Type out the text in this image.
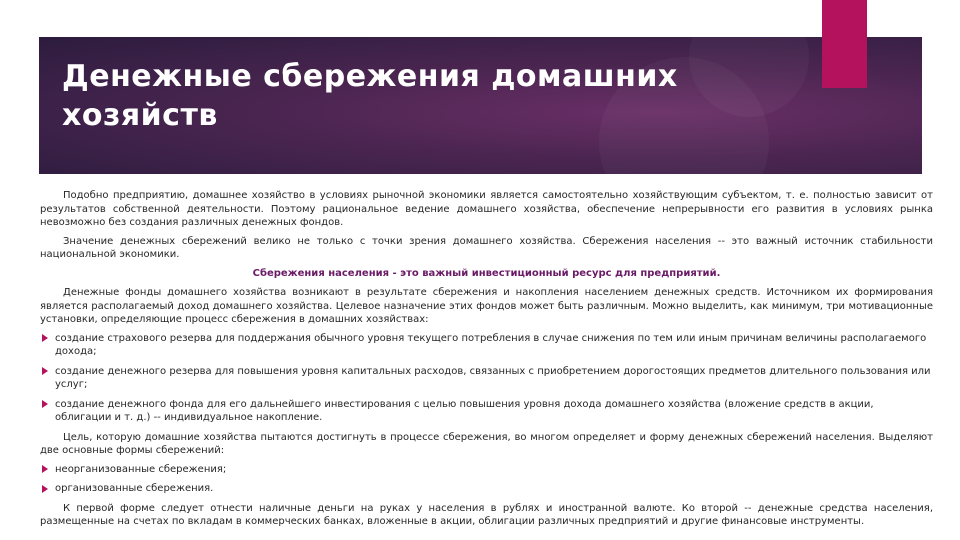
Денежные сбережения домашних хозяйств

Подобно предприятию, домашнее хозяйство в условиях рыночной экономики является самостоятельно хозяйствующим субъектом, т. е. полностью зависит от результатов собственной деятельности. Поэтому рациональное ведение домашнего хозяйства, обеспечение непрерывности его развития в условиях рынка невозможно без создания различных денежных фондов.

Значение денежных сбережений велико не только с точки зрения домашнего хозяйства. Сбережения населения -- это важный источник стабильности национальной экономики.

Сбережения населения - это важный инвестиционный ресурс для предприятий.

Денежные фонды домашнего хозяйства возникают в результате сбережения и накопления населением денежных средств. Источником их формирования является располагаемый доход домашнего хозяйства. Целевое назначение этих фондов может быть различным. Можно выделить, как минимум, три мотивационные установки, определяющие процесс сбережения в домашних хозяйствах:

создание страхового резерва для поддержания обычного уровня текущего потребления в случае снижения по тем или иным причинам величины располагаемого дохода;
создание денежного резерва для повышения уровня капитальных расходов, связанных с приобретением дорогостоящих предметов длительного пользования или услуг;
создание денежного фонда для его дальнейшего инвестирования с целью повышения уровня дохода домашнего хозяйства (вложение средств в акции, облигации и т. д.) -- индивидуальное накопление.

Цель, которую домашние хозяйства пытаются достигнуть в процессе сбережения, во многом определяет и форму денежных сбережений населения. Выделяют две основные формы сбережений:

неорганизованные сбережения;
организованные сбережения.

К первой форме следует отнести наличные деньги на руках у населения в рублях и иностранной валюте. Ко второй -- денежные средства населения, размещенные на счетах по вкладам в коммерческих банках, вложенные в акции, облигации различных предприятий и другие финансовые инструменты.
